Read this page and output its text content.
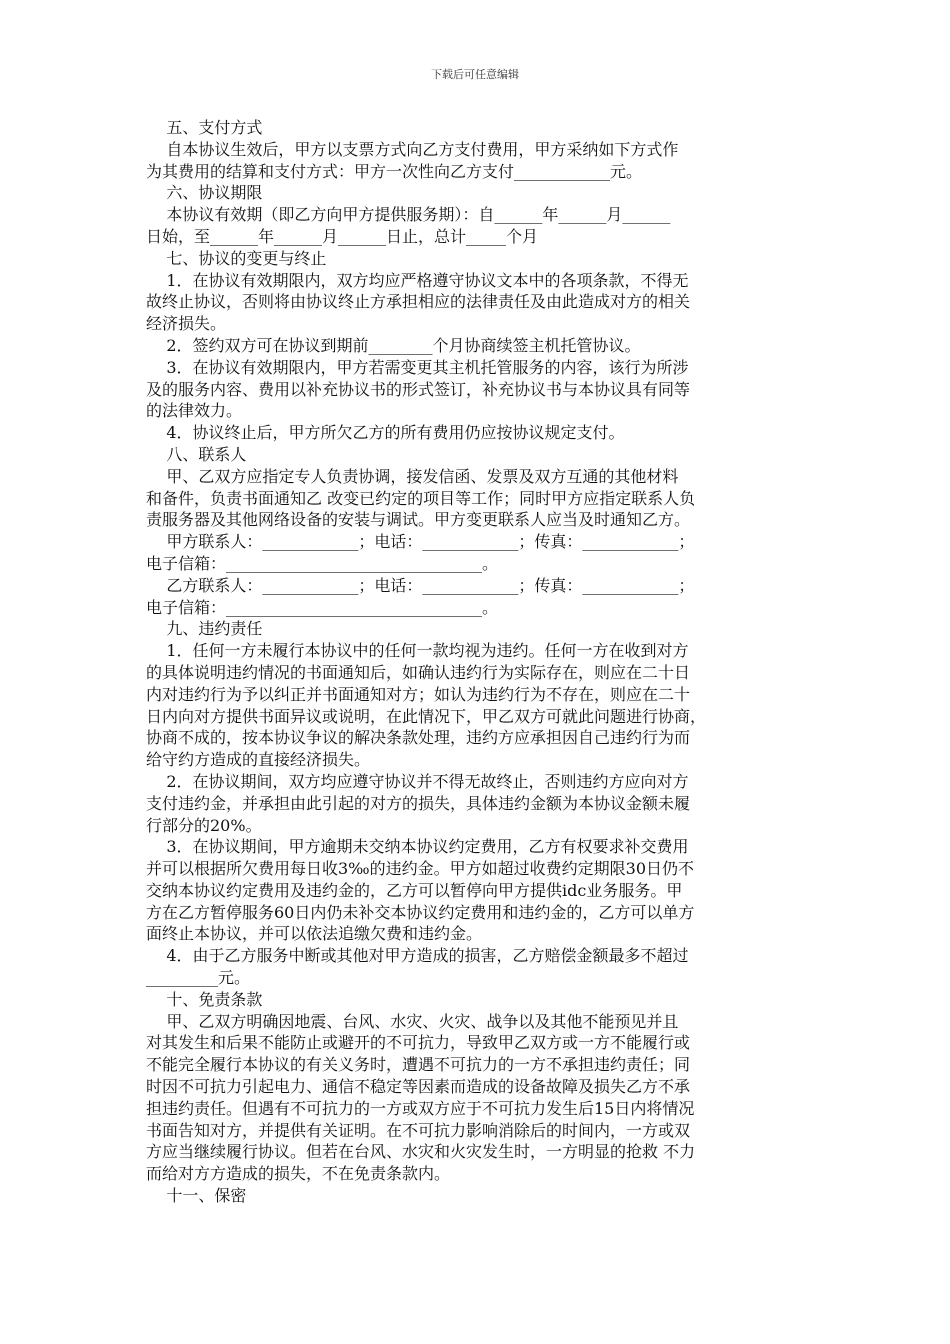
下载后可任意编辑
五、支付方式
自本协议生效后，甲方以支票方式向乙方支付费用，甲方采纳如下方式作
为其费用的结算和支付方式：甲方一次性向乙方支付____________元。
六、协议期限
本协议有效期（即乙方向甲方提供服务期）：自______年______月______
日始，至______年______月______日止，总计_____个月
七、协议的变更与终止
1．在协议有效期限内，双方均应严格遵守协议文本中的各项条款，不得无
故终止协议，否则将由协议终止方承担相应的法律责任及由此造成对方的相关
经济损失。
2．签约双方可在协议到期前________个月协商续签主机托管协议。
3．在协议有效期限内，甲方若需变更其主机托管服务的内容，该行为所涉
及的服务内容、费用以补充协议书的形式签订，补充协议书与本协议具有同等
的法律效力。
4．协议终止后，甲方所欠乙方的所有费用仍应按协议规定支付。
八、联系人
甲、乙双方应指定专人负责协调，接发信函、发票及双方互通的其他材料
和备件，负责书面通知乙 改变已约定的项目等工作；同时甲方应指定联系人负
责服务器及其他网络设备的安装与调试。甲方变更联系人应当及时通知乙方。
甲方联系人：____________；电话：____________；传真：____________；
电子信箱：________________________________。
乙方联系人：____________；电话：____________；传真：____________；
电子信箱：________________________________。
九、违约责任
1．任何一方未履行本协议中的任何一款均视为违约。任何一方在收到对方
的具体说明违约情况的书面通知后，如确认违约行为实际存在，则应在二十日
内对违约行为予以纠正并书面通知对方；如认为违约行为不存在，则应在二十
日内向对方提供书面异议或说明，在此情况下，甲乙双方可就此问题进行协商，
协商不成的，按本协议争议的解决条款处理，违约方应承担因自己违约行为而
给守约方造成的直接经济损失。
2．在协议期间，双方均应遵守协议并不得无故终止，否则违约方应向对方
支付违约金，并承担由此引起的对方的损失，具体违约金额为本协议金额未履
行部分的20%。
3．在协议期间，甲方逾期未交纳本协议约定费用，乙方有权要求补交费用
并可以根据所欠费用每日收3‰的违约金。甲方如超过收费约定期限30日仍不
交纳本协议约定费用及违约金的，乙方可以暂停向甲方提供idc业务服务。甲
方在乙方暂停服务60日内仍未补交本协议约定费用和违约金的，乙方可以单方
面终止本协议，并可以依法追缴欠费和违约金。
4．由于乙方服务中断或其他对甲方造成的损害，乙方赔偿金额最多不超过
_________元。
十、免责条款
甲、乙双方明确因地震、台风、水灾、火灾、战争以及其他不能预见并且
对其发生和后果不能防止或避开的不可抗力，导致甲乙双方或一方不能履行或
不能完全履行本协议的有关义务时，遭遇不可抗力的一方不承担违约责任；同
时因不可抗力引起电力、通信不稳定等因素而造成的设备故障及损失乙方不承
担违约责任。但遇有不可抗力的一方或双方应于不可抗力发生后15日内将情况
书面告知对方，并提供有关证明。在不可抗力影响消除后的时间内，一方或双
方应当继续履行协议。但若在台风、水灾和火灾发生时，一方明显的抢救 不力
而给对方方造成的损失，不在免责条款内。
十一、保密
